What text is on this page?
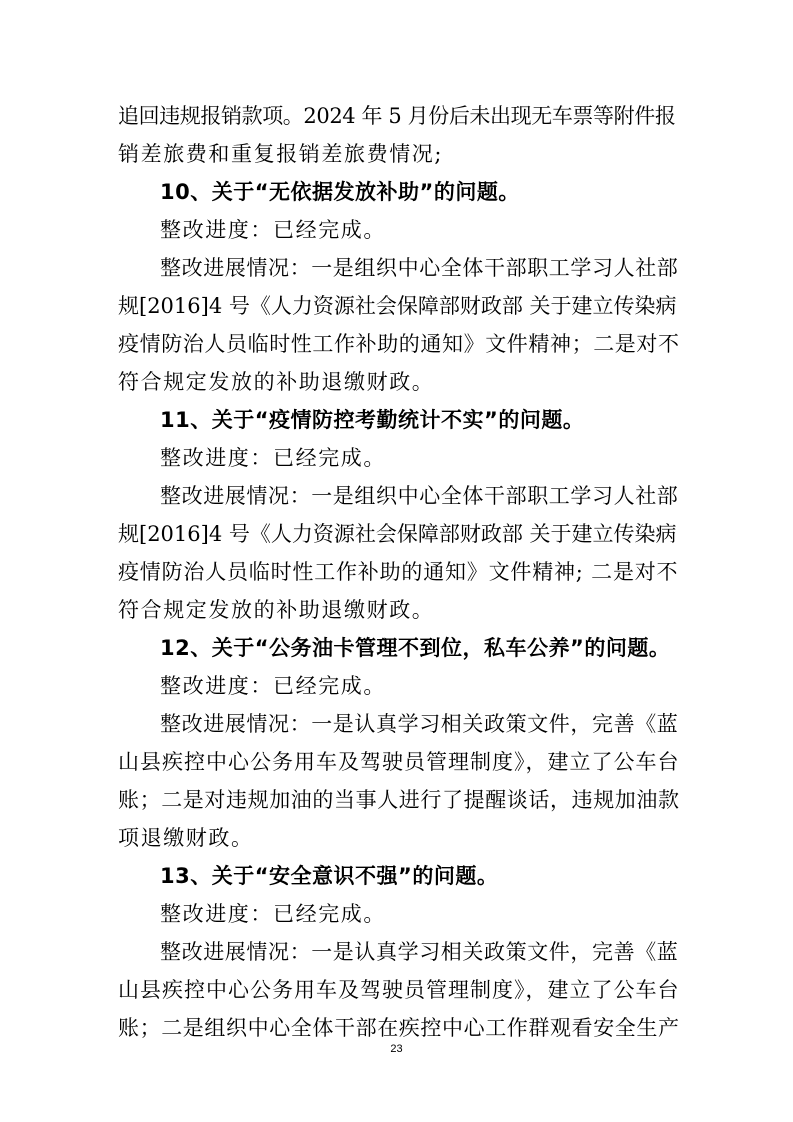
追回违规报销款项。2024 年 5 月份后未出现无车票等附件报
销差旅费和重复报销差旅费情况;
10、关于“无依据发放补助”的问题。
整改进度：已经完成。
整改进展情况：一是组织中心全体干部职工学习人社部
规[2016]4 号《人力资源社会保障部财政部 关于建立传染病
疫情防治人员临时性工作补助的通知》文件精神；二是对不
符合规定发放的补助退缴财政。
11、关于“疫情防控考勤统计不实”的问题。
整改进度：已经完成。
整改进展情况：一是组织中心全体干部职工学习人社部
规[2016]4 号《人力资源社会保障部财政部 关于建立传染病
疫情防治人员临时性工作补助的通知》文件精神; 二是对不
符合规定发放的补助退缴财政。
12、关于“公务油卡管理不到位，私车公养”的问题。
整改进度：已经完成。
整改进展情况：一是认真学习相关政策文件，完善《蓝
山县疾控中心公务用车及驾驶员管理制度》，建立了公车台
账；二是对违规加油的当事人进行了提醒谈话，违规加油款
项退缴财政。
13、关于“安全意识不强”的问题。
整改进度：已经完成。
整改进展情况：一是认真学习相关政策文件，完善《蓝
山县疾控中心公务用车及驾驶员管理制度》，建立了公车台
账；二是组织中心全体干部在疾控中心工作群观看安全生产
23
